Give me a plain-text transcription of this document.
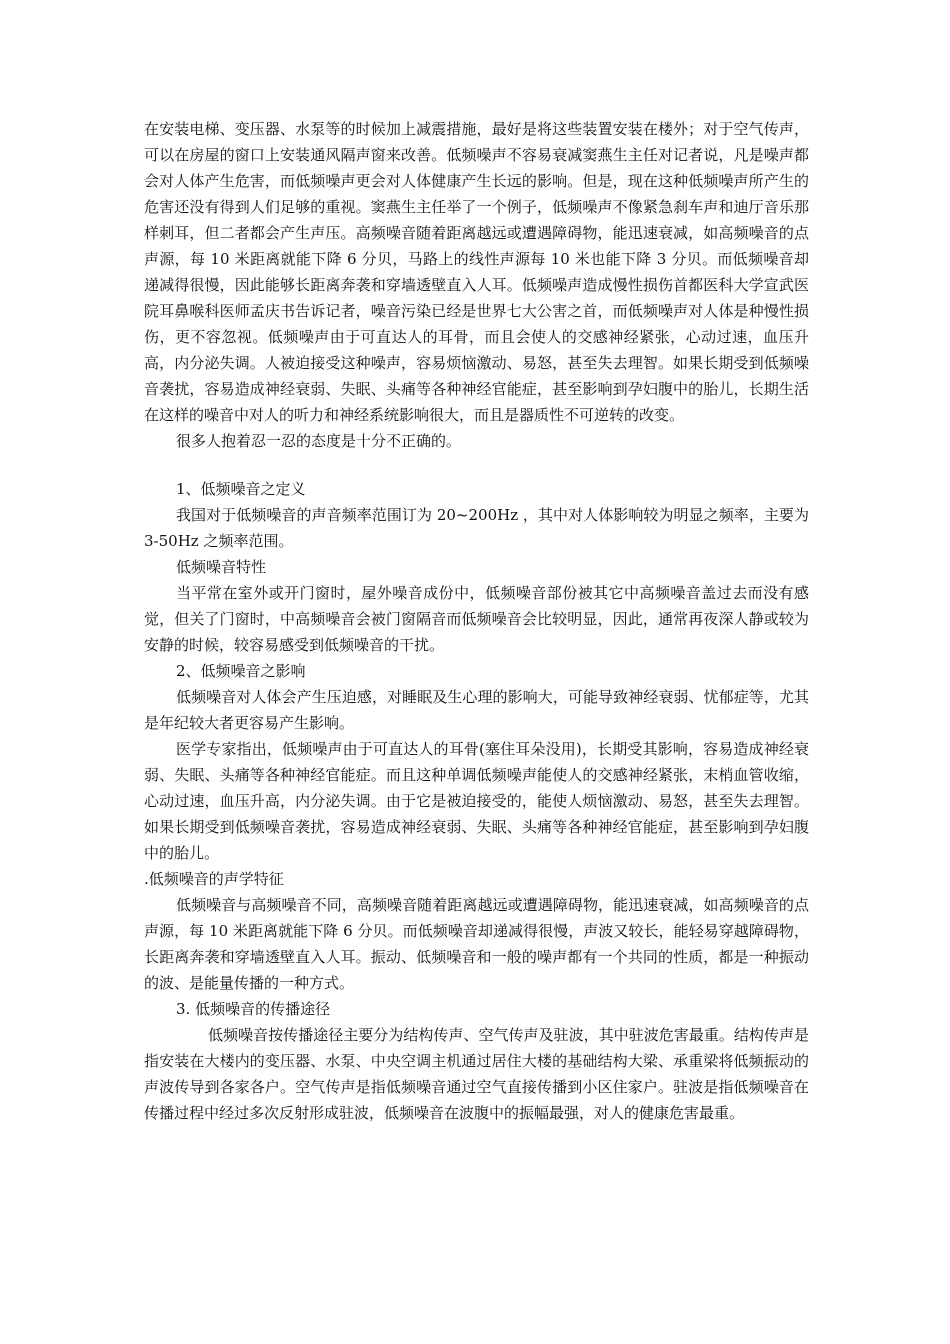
在安装电梯、变压器、水泵等的时候加上减震措施，最好是将这些装置安装在楼外；对于空气传声，可以在房屋的窗口上安装通风隔声窗来改善。低频噪声不容易衰减窦燕生主任对记者说，凡是噪声都会对人体产生危害，而低频噪声更会对人体健康产生长远的影响。但是，现在这种低频噪声所产生的危害还没有得到人们足够的重视。窦燕生主任举了一个例子，低频噪声不像紧急刹车声和迪厅音乐那样刺耳，但二者都会产生声压。高频噪音随着距离越远或遭遇障碍物，能迅速衰减，如高频噪音的点声源，每 10 米距离就能下降 6 分贝，马路上的线性声源每 10 米也能下降 3 分贝。而低频噪音却递减得很慢，因此能够长距离奔袭和穿墙透壁直入人耳。低频噪声造成慢性损伤首都医科大学宣武医院耳鼻喉科医师孟庆书告诉记者，噪音污染已经是世界七大公害之首，而低频噪声对人体是种慢性损伤，更不容忽视。低频噪声由于可直达人的耳骨，而且会使人的交感神经紧张，心动过速，血压升高，内分泌失调。人被迫接受这种噪声，容易烦恼激动、易怒，甚至失去理智。如果长期受到低频噪音袭扰，容易造成神经衰弱、失眠、头痛等各种神经官能症，甚至影响到孕妇腹中的胎儿，长期生活在这样的噪音中对人的听力和神经系统影响很大，而且是器质性不可逆转的改变。

很多人抱着忍一忍的态度是十分不正确的。

1、低频噪音之定义

我国对于低频噪音的声音频率范围订为 20~200Hz ，其中对人体影响较为明显之频率，主要为 3-50Hz 之频率范围。

低频噪音特性

当平常在室外或开门窗时，屋外噪音成份中，低频噪音部份被其它中高频噪音盖过去而没有感觉，但关了门窗时，中高频噪音会被门窗隔音而低频噪音会比较明显，因此，通常再夜深人静或较为安静的时候，较容易感受到低频噪音的干扰。

2、低频噪音之影响

低频噪音对人体会产生压迫感，对睡眠及生心理的影响大，可能导致神经衰弱、忧郁症等，尤其是年纪较大者更容易产生影响。

医学专家指出，低频噪声由于可直达人的耳骨(塞住耳朵没用)，长期受其影响，容易造成神经衰弱、失眠、头痛等各种神经官能症。而且这种单调低频噪声能使人的交感神经紧张，末梢血管收缩，心动过速，血压升高，内分泌失调。由于它是被迫接受的，能使人烦恼激动、易怒，甚至失去理智。如果长期受到低频噪音袭扰，容易造成神经衰弱、失眠、头痛等各种神经官能症，甚至影响到孕妇腹中的胎儿。

.低频噪音的声学特征

低频噪音与高频噪音不同，高频噪音随着距离越远或遭遇障碍物，能迅速衰减，如高频噪音的点声源，每 10 米距离就能下降 6 分贝。而低频噪音却递减得很慢，声波又较长，能轻易穿越障碍物，长距离奔袭和穿墙透壁直入人耳。振动、低频噪音和一般的噪声都有一个共同的性质，都是一种振动的波、是能量传播的一种方式。

3. 低频噪音的传播途径

低频噪音按传播途径主要分为结构传声、空气传声及驻波，其中驻波危害最重。结构传声是指安装在大楼内的变压器、水泵、中央空调主机通过居住大楼的基础结构大梁、承重梁将低频振动的声波传导到各家各户。空气传声是指低频噪音通过空气直接传播到小区住家户。驻波是指低频噪音在传播过程中经过多次反射形成驻波，低频噪音在波腹中的振幅最强，对人的健康危害最重。
